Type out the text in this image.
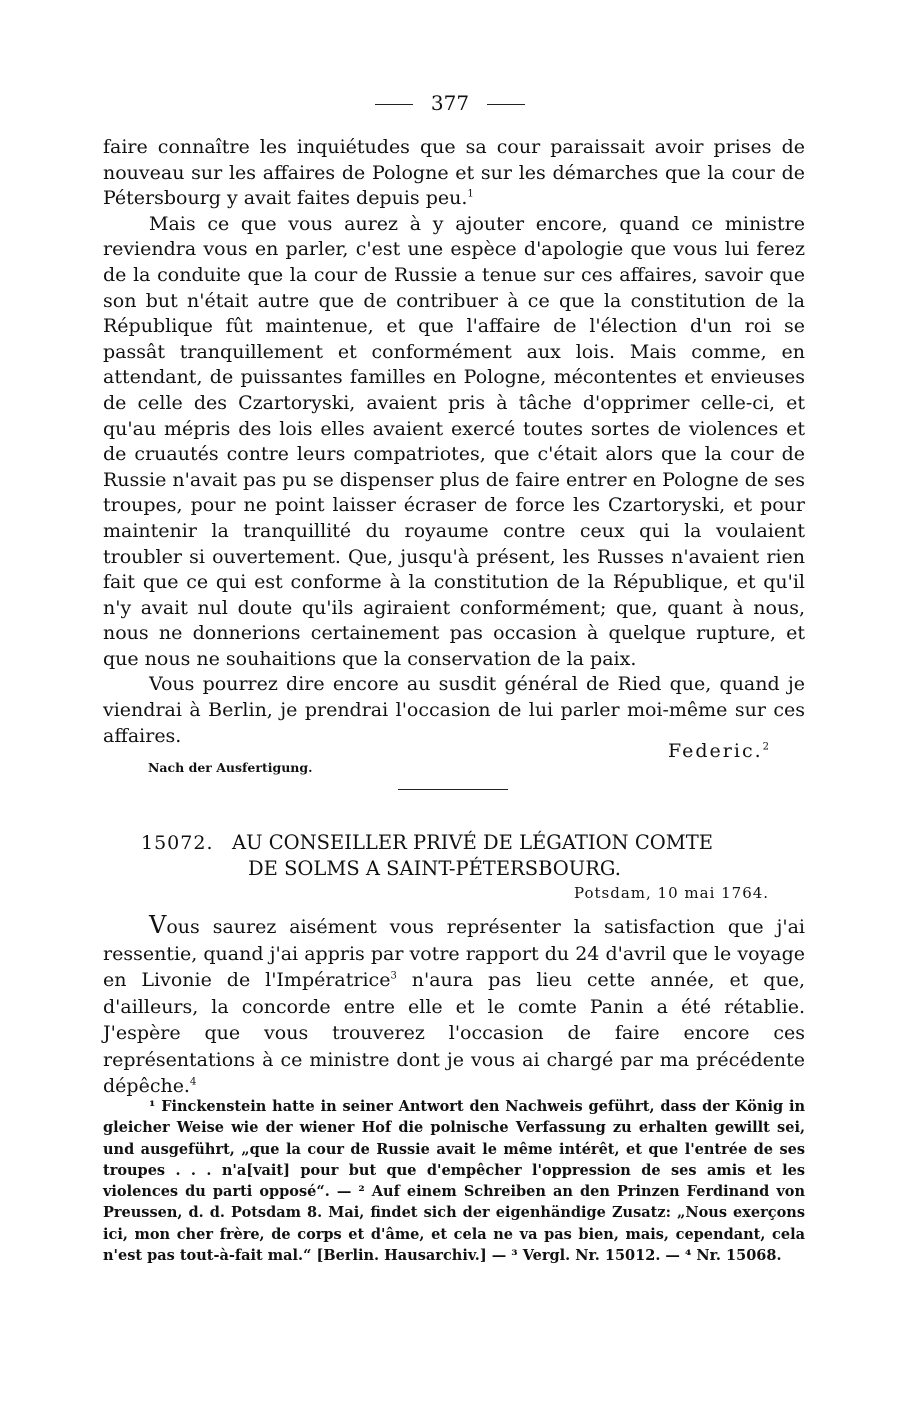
377

faire connaître les inquiétudes que sa cour paraissait avoir prises de nouveau sur les affaires de Pologne et sur les démarches que la cour de Pétersbourg y avait faites depuis peu.$^1$

Mais ce que vous aurez à y ajouter encore, quand ce ministre reviendra vous en parler, c'est une espèce d'apologie que vous lui ferez de la conduite que la cour de Russie a tenue sur ces affaires, savoir que son but n'était autre que de contribuer à ce que la constitution de la République fût maintenue, et que l'affaire de l'élection d'un roi se passât tranquillement et conformément aux lois. Mais comme, en attendant, de puissantes familles en Pologne, mécontentes et envieuses de celle des Czartoryski, avaient pris à tâche d'opprimer celle-ci, et qu'au mépris des lois elles avaient exercé toutes sortes de violences et de cruautés contre leurs compatriotes, que c'était alors que la cour de Russie n'avait pas pu se dispenser plus de faire entrer en Pologne de ses troupes, pour ne point laisser écraser de force les Czartoryski, et pour maintenir la tranquillité du royaume contre ceux qui la voulaient troubler si ouvertement. Que, jusqu'à présent, les Russes n'avaient rien fait que ce qui est conforme à la constitution de la République, et qu'il n'y avait nul doute qu'ils agiraient conformément; que, quant à nous, nous ne donnerions certainement pas occasion à quelque rupture, et que nous ne souhaitions que la conservation de la paix.

Vous pourrez dire encore au susdit général de Ried que, quand je viendrai à Berlin, je prendrai l'occasion de lui parler moi-même sur ces affaires.

Federic.$^2$
Nach der Ausfertigung.
15072. AU CONSEILLER PRIVÉ DE LÉGATION COMTE
DE SOLMS A SAINT-PÉTERSBOURG.
Potsdam, 10 mai 1764.

Vous saurez aisément vous représenter la satisfaction que j'ai ressentie, quand j'ai appris par votre rapport du 24 d'avril que le voyage en Livonie de l'Impératrice$^3$ n'aura pas lieu cette année, et que, d'ailleurs, la concorde entre elle et le comte Panin a été rétablie. J'espère que vous trouverez l'occasion de faire encore ces représentations à ce ministre dont je vous ai chargé par ma précédente dépêche.$^4$

¹ Finckenstein hatte in seiner Antwort den Nachweis geführt, dass der König in gleicher Weise wie der wiener Hof die polnische Verfassung zu erhalten gewillt sei, und ausgeführt, „que la cour de Russie avait le même intérêt, et que l'entrée de ses troupes . . . n'a[vait] pour but que d'empêcher l'oppression de ses amis et les violences du parti opposé“. — ² Auf einem Schreiben an den Prinzen Ferdinand von Preussen, d. d. Potsdam 8. Mai, findet sich der eigenhändige Zusatz: „Nous exerçons ici, mon cher frère, de corps et d'âme, et cela ne va pas bien, mais, cependant, cela n'est pas tout-à-fait mal.“ [Berlin. Hausarchiv.] — ³ Vergl. Nr. 15012. — ⁴ Nr. 15068.
